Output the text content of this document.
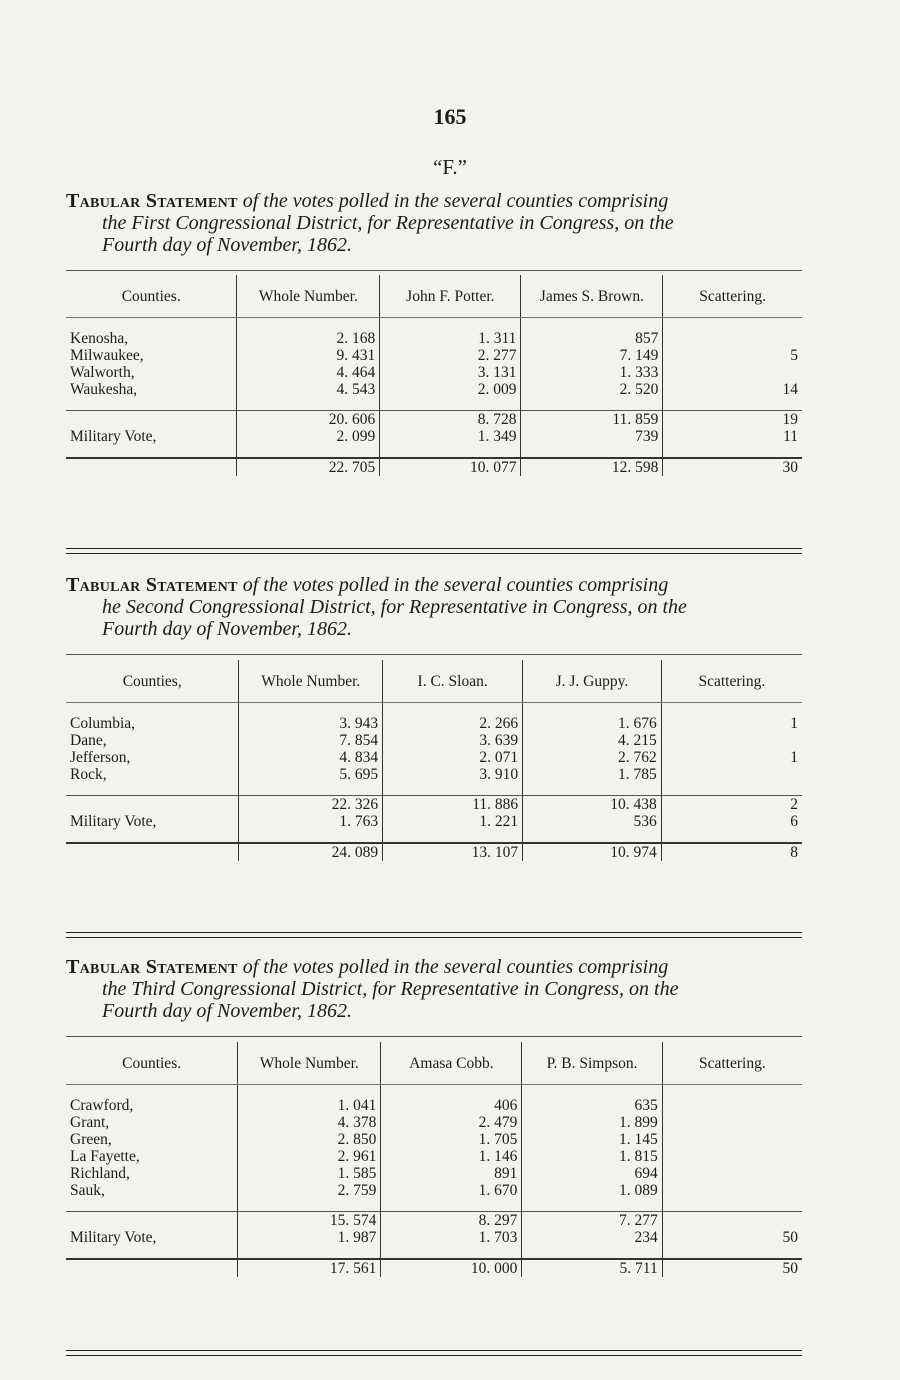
165
“F.”

Tabular Statement of the votes polled in the several counties comprising
the First Congressional District, for Representative in Congress, on the
Fourth day of November, 1862.

Counties.	Whole Number.	John F. Potter.	James S. Brown.	Scattering.

Kenosha,	2. 168	1. 311	857	
Milwaukee,	9. 431	2. 277	7. 149	5
Walworth,	4. 464	3. 131	1. 333	
Waukesha,	4. 543	2. 009	2. 520	14

	20. 606	8. 728	11. 859	19
Military Vote,	2. 099	1. 349	739	11

	22. 705	10. 077	12. 598	30

Tabular Statement of the votes polled in the several counties comprising
he Second Congressional District, for Representative in Congress, on the
Fourth day of November, 1862.

Counties,	Whole Number.	I. C. Sloan.	J. J. Guppy.	Scattering.

Columbia,	3. 943	2. 266	1. 676	1
Dane,	7. 854	3. 639	4. 215	
Jefferson,	4. 834	2. 071	2. 762	1
Rock,	5. 695	3. 910	1. 785	

	22. 326	11. 886	10. 438	2
Military Vote,	1. 763	1. 221	536	6

	24. 089	13. 107	10. 974	8

Tabular Statement of the votes polled in the several counties comprising
the Third Congressional District, for Representative in Congress, on the
Fourth day of November, 1862.

Counties.	Whole Number.	Amasa Cobb.	P. B. Simpson.	Scattering.

Crawford,	1. 041	406	635	
Grant,	4. 378	2. 479	1. 899	
Green,	2. 850	1. 705	1. 145	
La Fayette,	2. 961	1. 146	1. 815	
Richland,	1. 585	891	694	
Sauk,	2. 759	1. 670	1. 089	

	15. 574	8. 297	7. 277	
Military Vote,	1. 987	1. 703	234	50

	17. 561	10. 000	5. 711	50
